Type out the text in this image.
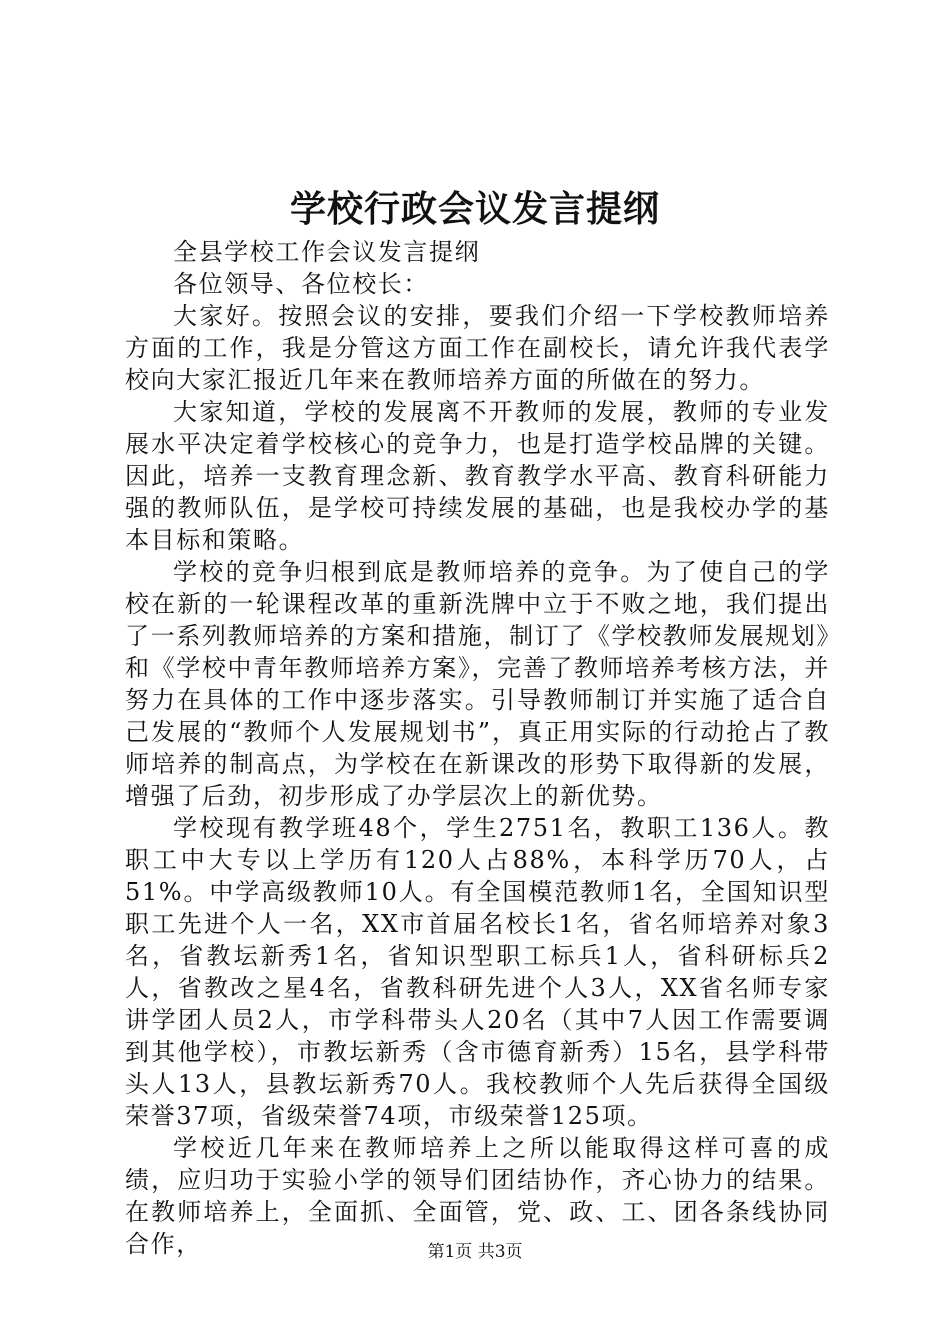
学校行政会议发言提纲

全县学校工作会议发言提纲

各位领导、各位校长：

大家好。按照会议的安排，要我们介绍一下学校教师培养方面的工作，我是分管这方面工作在副校长，请允许我代表学校向大家汇报近几年来在教师培养方面的所做在的努力。

大家知道，学校的发展离不开教师的发展，教师的专业发展水平决定着学校核心的竞争力，也是打造学校品牌的关键。因此，培养一支教育理念新、教育教学水平高、教育科研能力强的教师队伍，是学校可持续发展的基础，也是我校办学的基本目标和策略。

学校的竞争归根到底是教师培养的竞争。为了使自己的学校在新的一轮课程改革的重新洗牌中立于不败之地，我们提出了一系列教师培养的方案和措施，制订了《学校教师发展规划》和《学校中青年教师培养方案》，完善了教师培养考核方法，并努力在具体的工作中逐步落实。引导教师制订并实施了适合自己发展的“教师个人发展规划书”，真正用实际的行动抢占了教师培养的制高点，为学校在在新课改的形势下取得新的发展，增强了后劲，初步形成了办学层次上的新优势。

学校现有教学班48个，学生2751名，教职工136人。教职工中大专以上学历有120人占88%，本科学历70人，占51%。中学高级教师10人。有全国模范教师1名，全国知识型职工先进个人一名，XX市首届名校长1名，省名师培养对象3名，省教坛新秀1名，省知识型职工标兵1人，省科研标兵2人，省教改之星4名，省教科研先进个人3人，XX省名师专家讲学团人员2人，市学科带头人20名（其中7人因工作需要调到其他学校），市教坛新秀（含市德育新秀）15名，县学科带头人13人，县教坛新秀70人。我校教师个人先后获得全国级荣誉37项，省级荣誉74项，市级荣誉125项。

学校近几年来在教师培养上之所以能取得这样可喜的成绩，应归功于实验小学的领导们团结协作，齐心协力的结果。在教师培养上，全面抓、全面管，党、政、工、团各条线协同合作，	第1页 共3页
